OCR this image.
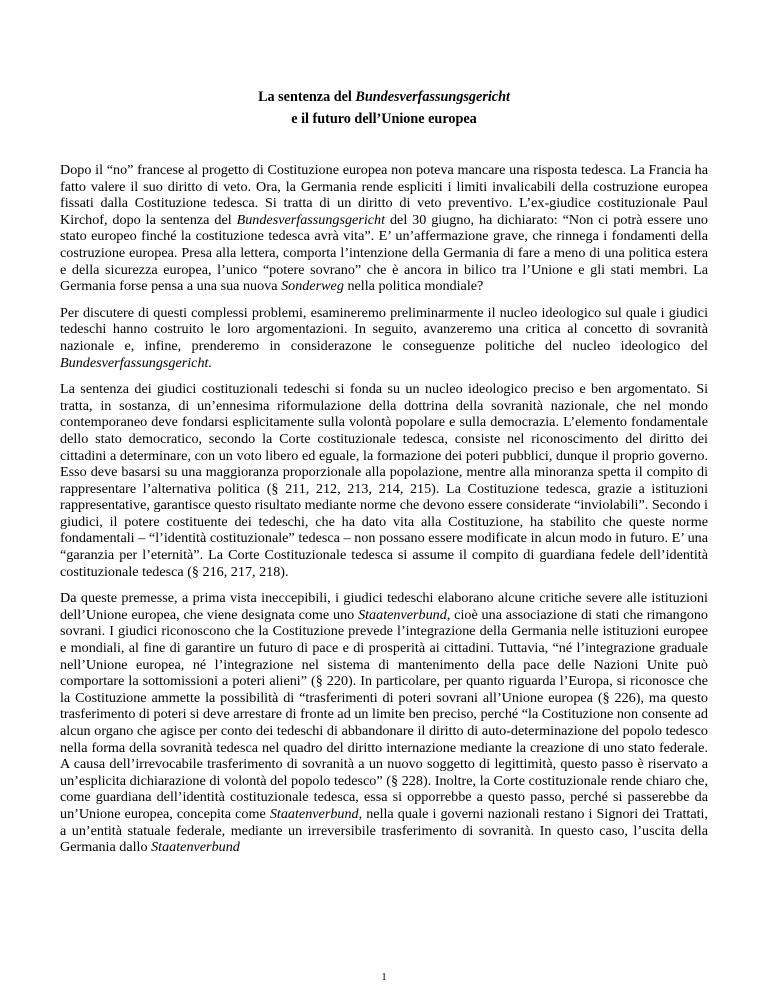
La sentenza del Bundesverfassungsgericht

e il futuro dell’Unione europea

Dopo il “no” francese al progetto di Costituzione europea non poteva mancare una risposta tedesca. La Francia ha fatto valere il suo diritto di veto. Ora, la Germania rende espliciti i limiti invalicabili della costruzione europea fissati dalla Costituzione tedesca. Si tratta di un diritto di veto preventivo. L’ex-giudice costituzionale Paul Kirchof, dopo la sentenza del Bundesverfassungsgericht del 30 giugno, ha dichiarato: “Non ci potrà essere uno stato europeo finché la costituzione tedesca avrà vita”. E’ un’affermazione grave, che rinnega i fondamenti della costruzione europea. Presa alla lettera, comporta l’intenzione della Germania di fare a meno di una politica estera e della sicurezza europea, l’unico “potere sovrano” che è ancora in bilico tra l’Unione e gli stati membri. La Germania forse pensa a una sua nuova Sonderweg nella politica mondiale?

Per discutere di questi complessi problemi, esamineremo preliminarmente il nucleo ideologico sul quale i giudici tedeschi hanno costruito le loro argomentazioni. In seguito, avanzeremo una critica al concetto di sovranità nazionale e, infine, prenderemo in considerazone le conseguenze politiche del nucleo ideologico del Bundesverfassungsgericht.

La sentenza dei giudici costituzionali tedeschi si fonda su un nucleo ideologico preciso e ben argomentato. Si tratta, in sostanza, di un’ennesima riformulazione della dottrina della sovranità nazionale, che nel mondo contemporaneo deve fondarsi esplicitamente sulla volontà popolare e sulla democrazia. L’elemento fondamentale dello stato democratico, secondo la Corte costituzionale tedesca, consiste nel riconoscimento del diritto dei cittadini a determinare, con un voto libero ed eguale, la formazione dei poteri pubblici, dunque il proprio governo. Esso deve basarsi su una maggioranza proporzionale alla popolazione, mentre alla minoranza spetta il compito di rappresentare l’alternativa politica (§ 211, 212, 213, 214, 215). La Costituzione tedesca, grazie a istituzioni rappresentative, garantisce questo risultato mediante norme che devono essere considerate “inviolabili”. Secondo i giudici, il potere costituente dei tedeschi, che ha dato vita alla Costituzione, ha stabilito che queste norme fondamentali – “l’identità costituzionale” tedesca – non possano essere modificate in alcun modo in futuro. E’ una “garanzia per l’eternità”. La Corte Costituzionale tedesca si assume il compito di guardiana fedele dell’identità costituzionale tedesca (§ 216, 217, 218).

Da queste premesse, a prima vista ineccepibili, i giudici tedeschi elaborano alcune critiche severe alle istituzioni dell’Unione europea, che viene designata come uno Staatenverbund, cioè una associazione di stati che rimangono sovrani. I giudici riconoscono che la Costituzione prevede l’integrazione della Germania nelle istituzioni europee e mondiali, al fine di garantire un futuro di pace e di prosperità ai cittadini. Tuttavia, “né l’integrazione graduale nell’Unione europea, né l’integrazione nel sistema di mantenimento della pace delle Nazioni Unite può comportare la sottomissioni a poteri alieni” (§ 220). In particolare, per quanto riguarda l’Europa, si riconosce che la Costituzione ammette la possibilità di “trasferimenti di poteri sovrani all’Unione europea (§ 226), ma questo trasferimento di poteri si deve arrestare di fronte ad un limite ben preciso, perché “la Costituzione non consente ad alcun organo che agisce per conto dei tedeschi di abbandonare il diritto di auto-determinazione del popolo tedesco nella forma della sovranità tedesca nel quadro del diritto internazione mediante la creazione di uno stato federale. A causa dell’irrevocabile trasferimento di sovranità a un nuovo soggetto di legittimità, questo passo è riservato a un’esplicita dichiarazione di volontà del popolo tedesco” (§ 228). Inoltre, la Corte costituzionale rende chiaro che, come guardiana dell’identità costituzionale tedesca, essa si opporrebbe a questo passo, perché si passerebbe da un’Unione europea, concepita come Staatenverbund, nella quale i governi nazionali restano i Signori dei Trattati, a un’entità statuale federale, mediante un irreversibile trasferimento di sovranità. In questo caso, l’uscita della Germania dallo Staatenverbund

1
